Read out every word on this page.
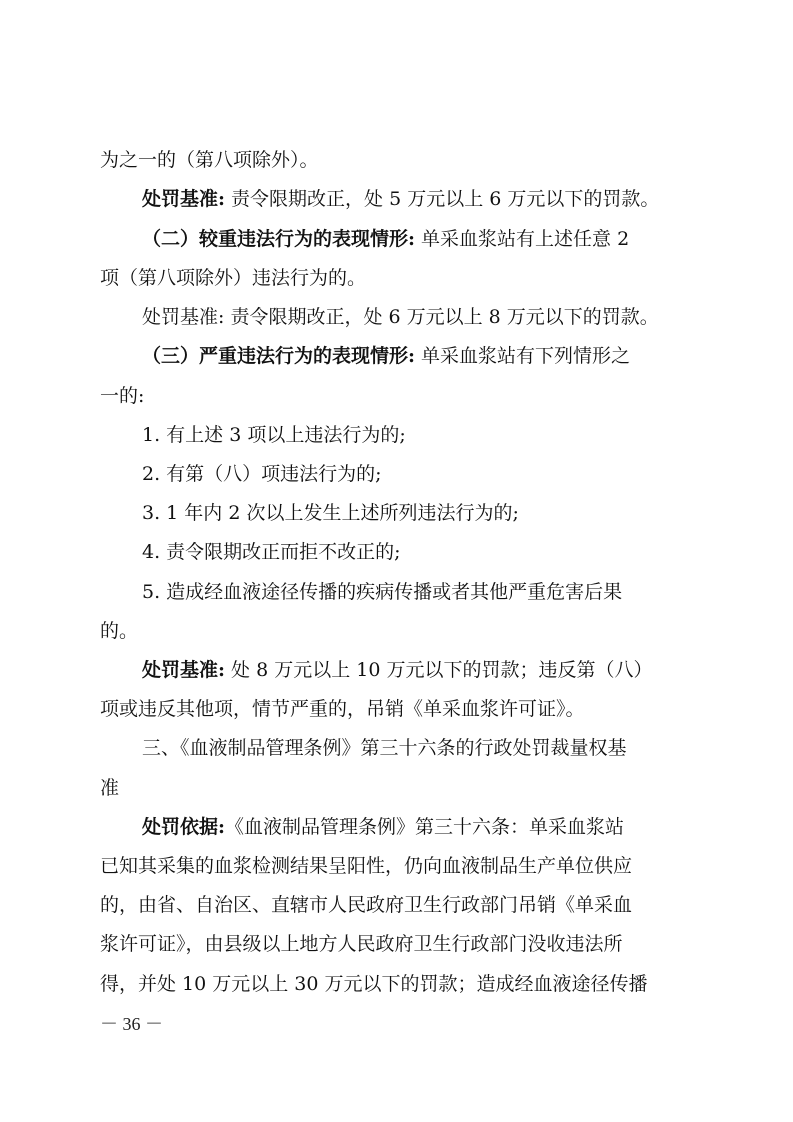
为之一的（第八项除外）。
处罚基准: 责令限期改正，处 5 万元以上 6 万元以下的罚款。
（二）较重违法行为的表现情形: 单采血浆站有上述任意 2
项（第八项除外）违法行为的。
处罚基准: 责令限期改正，处 6 万元以上 8 万元以下的罚款。
（三）严重违法行为的表现情形: 单采血浆站有下列情形之
一的:
1. 有上述 3 项以上违法行为的;
2. 有第（八）项违法行为的;
3. 1 年内 2 次以上发生上述所列违法行为的;
4. 责令限期改正而拒不改正的;
5. 造成经血液途径传播的疾病传播或者其他严重危害后果
的。
处罚基准: 处 8 万元以上 10 万元以下的罚款；违反第（八）
项或违反其他项，情节严重的，吊销《单采血浆许可证》。
三、《血液制品管理条例》第三十六条的行政处罚裁量权基
准
处罚依据:《血液制品管理条例》第三十六条：单采血浆站
已知其采集的血浆检测结果呈阳性，仍向血液制品生产单位供应
的，由省、自治区、直辖市人民政府卫生行政部门吊销《单采血
浆许可证》，由县级以上地方人民政府卫生行政部门没收违法所
得，并处 10 万元以上 30 万元以下的罚款；造成经血液途径传播
－ 36 －
